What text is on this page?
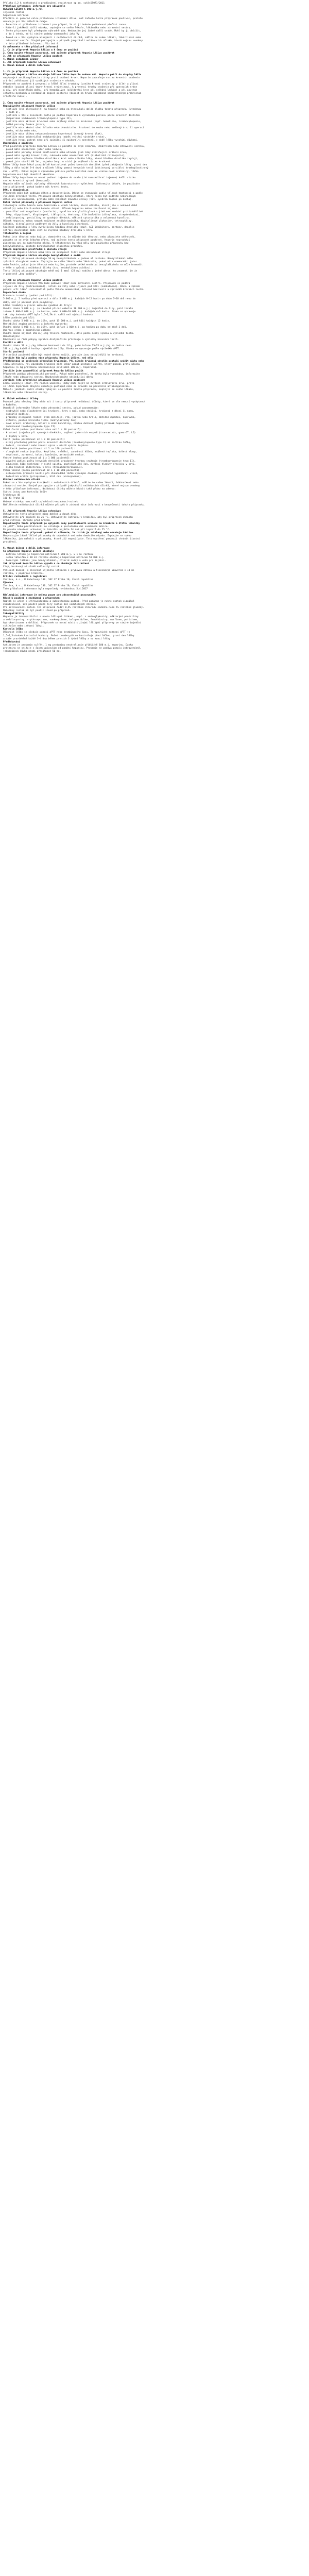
Příloha č.2 k rozhodnutí o prodloužení registrace sp.zn. sukls55071/2011
Příbalová informace: informace pro uživatele
HEPARIN LÉČIVA 5 000 m.j./ml
injekční roztok
heparinum natricum
Přečtěte si pozorně celou příbalovou informaci dříve, než začnete tento přípravek používat, protože
obsahuje pro Vás důležité údaje.
- Ponechte si příbalovou informaci pro případ, že si ji budete potřebovat přečíst znovu.
- Máte-li jakékoli další otázky, zeptejte se svého lékaře, lékárníka nebo zdravotní sestry.
- Tento přípravek byl předepsán výhradně Vám. Nedávejte jej žádné další osobě. Mohl by jí ublížit,
a to i tehdy, má-li stejné známky onemocnění jako Vy.
- Pokud se u Vás vyskytne kterýkoli z nežádoucích účinků, sdělte to svému lékaři, lékárníkovi nebo
zdravotní sestře. Stejně postupujte v případě jakýchkoli nežádoucích účinků, které nejsou uvedeny
v této příbalové informaci. Viz bod 4.
Co naleznete v této příbalové informaci
1. Co je přípravek Heparin Léčiva a k čemu se používá
2. Čemu musíte věnovat pozornost, než začnete přípravek Heparin Léčiva používat
3. Jak se přípravek Heparin Léčiva používá
4. Možné nežádoucí účinky
5. Jak přípravek Heparin Léčiva uchovávat
6. Obsah balení a další informace
1. Co je přípravek Heparin Léčiva a k čemu se používá
Přípravek Heparin Léčiva obsahuje léčivou látku heparin sodnou sůl. Heparin patří do skupiny léčiv
nazývaných antikoagulancia (látky proti srážení krve). Heparin zabraňuje vzniku krevních sraženin
a brání zvětšování již vzniklých sraženin v cévách.
Přípravek se používá k prevenci a léčbě žilní trombózy (vzniku krevní sraženiny v žíle) a plicní
embolie (ucpání plicní tepny krevní sraženinou), k prevenci tvorby sraženin při operacích srdce
a cév, při mimotělním oběhu, při hemodialýze (očišťování krve při selhání ledvin) a při akutním
infarktu myokardu a nestabilní angině pectoris (bolest na hrudi způsobená nedostatečným prokrvením
srdečního svalu).
2. Čemu musíte věnovat pozornost, než začnete přípravek Heparin Léčiva používat
Nepoužívejte přípravek Heparin Léčiva
- jestliže jste alergický(á) na heparin nebo na kteroukoli další složku tohoto přípravku (uvedenou
v bodě 6),
- jestliže u Vás v minulosti došlo po podání heparinu k výraznému poklesu počtu krevních destiček
(heparinem indukovaná trombocytopenie typu II),
- jestliže máte aktivní krvácení nebo zvýšený sklon ke krvácení (např. hemofilie, trombocytopenie,
těžké poruchy funkce jater),
- jestliže máte akutní vřed žaludku nebo dvanáctníku, krvácení do mozku nebo nedávný úraz či operaci
mozku, míchy nebo oka,
- jestliže máte těžkou nekontrolovanou hypertenzi (vysoký krevní tlak),
- jestliže máte bakteriální endokarditidu (zánět vnitřní výstelky srdce),
- jestliže hrozí potrat nebo při spinální či epidurální anestezii v době léčby vysokými dávkami.
Upozornění a opatření
Před použitím přípravku Heparin Léčiva se poraďte se svým lékařem, lékárníkem nebo zdravotní sestrou,
- pokud máte onemocnění jater nebo ledvin,
- pokud máte poruchy krevní srážlivosti nebo užíváte jiné léky ovlivňující srážení krve,
- pokud máte vysoký krevní tlak, cukrovku nebo onemocnění očí (diabetická retinopatie),
- pokud máte zvýšenou hladinu draslíku v krvi nebo užíváte léky, které hladinu draslíku zvyšují,
- pokud jste starší 60 let, zejména ženy, u nichž je zvýšené riziko krvácení.
Během léčby bude lékař pravidelně kontrolovat počet krevních destiček (před zahájením léčby, první den
léčby a dále každé 3–4 dny) a účinek léčby pomocí krevních testů (aktivovaný parciální tromboplastinový
čas – aPTT). Pokud dojde k výraznému poklesu počtu destiček nebo ke vzniku nové sraženiny, léčba
heparinem musí být okamžitě ukončena.
Během léčby heparinem se nesmí podávat injekce do svalu (intramuskulární injekce) kvůli riziku
vzniku krevních výronů (hematomů).
Heparin může ovlivnit výsledky některých laboratorních vyšetření. Informujte lékaře, že používáte
tento přípravek, pokud budete mít krevní testy.
Děti a dospívající
Přípravek může být podáván dětem a dospívajícím. Dávka se stanovuje podle tělesné hmotnosti a podle
výsledků krevních testů. Přípravek obsahuje benzylalkohol, který nesmí být podáván nedonošeným
dětem ani novorozencům, protože může způsobit závažné otravy (tzv. syndrom lapání po dechu).
Další léčivé přípravky a přípravek Heparin Léčiva
Informujte svého lékaře nebo lékárníka o všech lécích, které užíváte, které jste v nedávné době
užíval(a) nebo které možná budete užívat. Účinek heparinu mohou zesilovat zejména:
- perorální antikoagulancia (warfarin), kyselina acetylsalicylová a jiné nesteroidní protizánětlivé
léky, dipyridamol, klopidogrel, tiklopidin, dextrany, fibrinolytika (alteplasa, streptokináza),
- cefalosporiny, penicilíny ve vysokých dávkách, některá cytostatika a valproová kyselina.
Účinek heparinu mohou naopak snižovat antihistaminika, digitalisové glykosidy, tetracykliny,
nikotin, nitroglycerin podávaný do žíly a kyselina askorbová.
Současné podávání s léky zvyšujícími hladinu draslíku (např. ACE inhibitory, sartany, draslík
šetřící diuretika) může vést ke zvýšení hladiny draslíku v krvi.
Těhotenství a kojení
Pokud jste těhotná nebo kojíte, domníváte se, že můžete být těhotná, nebo plánujete otěhotnět,
poraďte se se svým lékařem dříve, než začnete tento přípravek používat. Heparin neprochází
placentou ani do mateřského mléka. V těhotenství by však měly být používány přípravky bez
benzylalkoholu, protože benzylalkohol placentou prochází.
Řízení dopravních prostředků a obsluha strojů
Přípravek Heparin Léčiva nemá vliv na schopnost řídit nebo obsluhovat stroje.
Přípravek Heparin Léčiva obsahuje benzylalkohol a sodík
Tento léčivý přípravek obsahuje 10 mg benzylalkoholu v jednom ml roztoku. Benzylalkohol může
způsobit alergické reakce. Zeptejte se svého lékaře nebo lékárníka, pokud máte onemocnění jater
nebo ledvin, pokud jste těhotná nebo kojíte, protože velké množství benzylalkoholu se může hromadit
v těle a způsobit nežádoucí účinky (tzv. metabolickou acidózu).
Tento léčivý přípravek obsahuje méně než 1 mmol (23 mg) sodíku v jedné dávce, to znamená, že je
v podstatě „bez sodíku“.
3. Jak se přípravek Heparin Léčiva používá
Přípravek Heparin Léčiva Vám bude podávat lékař nebo zdravotní sestra. Přípravek se podává
injekcí do žíly (intravenózně), infuzí do žíly nebo injekcí pod kůži (subkutánně). Dávku a způsob
podání určí lékař individuálně podle Vašeho onemocnění, tělesné hmotnosti a výsledků krevních testů.
Doporučená dávka
Prevence trombózy (podání pod kůži):
5 000 m.j. 2 hodiny před operací a dále 5 000 m.j. každých 8–12 hodin po dobu 7–10 dnů nebo do
doby, než je pacient plně pohyblivý.
Léčba trombózy a plicní embolie (podání do žíly):
Úvodní dávka 5 000 m.j. (u závažné plicní embolie 10 000 m.j.) injekčně do žíly, poté trvalá
infuze 1 000–2 000 m.j. za hodinu, nebo 5 000–10 000 m.j. každých 4–6 hodin. Dávka se upravuje
tak, aby hodnota aPTT byla 1,5–2,5krát vyšší než výchozí hodnota.
Léčba podáním pod kůži:
Úvodní dávka 5 000 m.j. do žíly, poté 15 000 m.j. pod kůži každých 12 hodin.
Nestabilní angina pectoris a infarkt myokardu:
Úvodní dávka 5 000 m.j. do žíly, poté infuze 1 000 m.j. za hodinu po dobu nejméně 2 dnů.
Operace srdce s mimotělním oběhem:
Úvodní dávka nejméně 150 m.j./kg tělesné hmotnosti, dále podle délky výkonu a výsledků testů.
Hemodialýza:
Dávkování se řídí pokyny výrobce dialyzačního přístroje a výsledky krevních testů.
Použití u dětí
Úvodní dávka 50 m.j./kg tělesné hmotnosti do žíly, poté infuze 15–25 m.j./kg za hodinu nebo
100 m.j./kg každé 4 hodiny injekčně do žíly. Dávka se upravuje podle výsledků aPTT.
Starší pacienti
U starších pacientů může být nutné dávku snížit, protože jsou náchylnější ke krvácení.
Jestliže Vám bylo podáno více přípravku Heparin Léčiva, než mělo
Předávkování se projevuje především krvácením. Při mírném krvácení obvykle postačí snížit dávku nebo
léčbu přerušit. Při závažném krvácení může lékař podat protamin sulfát, který působí proti účinku
heparinu (1 mg protaminu neutralizuje přibližně 100 m.j. heparinu).
Jestliže jste zapomněl(a) přípravek Heparin Léčiva použít
Přípravek podává zdravotnický personál. Pokud máte podezření, že dávka byla vynechána, informujte
lékaře nebo zdravotní sestru. Nezdvojnásobujte následující dávku.
Jestliže jste přestal(a) přípravek Heparin Léčiva používat
Léčbu ukončuje lékař. Při náhlém ukončení léčby může dojít ke zvýšené srážlivosti krve, proto
se léčba heparinem obvykle ukončuje postupně nebo se převádí na perorální antikoagulancia.
Máte-li jakékoli další otázky týkající se použití tohoto přípravku, zeptejte se svého lékaře,
lékárníka nebo zdravotní sestry.
4. Možné nežádoucí účinky
Podobně jako všechny léky může mít i tento přípravek nežádoucí účinky, které se ale nemusí vyskytnout
u každého.
Okamžitě informujte lékaře nebo zdravotní sestru, pokud zaznamenáte:
- neobvyklé nebo dlouhotrvající krvácení, krev v moči nebo stolici, krvácení z dásní či nosu,
rozsáhlé modřiny,
- příznaky alergické reakce: otok obličeje, rtů, jazyka nebo hrdla, obtížné dýchání, kopřivka,
svědění, pokles krevního tlaku (anafylaktický šok),
- nové krevní sraženiny, bolest a otok končetiny, náhlou dušnost (možný příznak heparinem
indukované trombocytopenie typu II).
Velmi časté (mohou postihnout více než 1 z 10 pacientů):
- krvácení (zejména při vysokých dávkách), zvýšení jaterních enzymů (transamináz, gama-GT, LD)
a lipázy v krvi.
Časté (mohou postihnout až 1 z 10 pacientů):
- mírný přechodný pokles počtu krevních destiček (trombocytopenie typu I) na začátku léčby,
- bolest, zarudnutí nebo krevní výron v místě vpichu injekce.
Méně časté (mohou postihnout až 1 ze 100 pacientů):
- alergické reakce (vyrážka, kopřivka, svědění, zarudnutí kůže), zvýšená teplota, bolest hlavy,
nevolnost, zvracení, bolest končetin, astmatické reakce.
Vzácné (mohou postihnout až 1 z 1 000 pacientů):
- závažný pokles počtu krevních destiček provázený tvorbou sraženin (trombocytopenie typu II),
- odumírání kůže (nekróza) v místě vpichu, anafylaktický šok, zvýšení hladiny draslíku v krvi,
- nízká hladina aldosteronu v krvi (hypoaldosteronismus).
Velmi vzácné (mohou postihnout až 1 z 10 000 pacientů):
- osteoporóza (řídnutí kostí) při dlouhodobé léčbě vysokými dávkami, přechodné vypadávání vlasů,
bolestivá erekce (priapismus), křeč cév (vazospasmus).
Hlášení nežádoucích účinků
Pokud se u Vás vyskytne kterýkoli z nežádoucích účinků, sdělte to svému lékaři, lékárníkovi nebo
zdravotní sestře. Stejně postupujte v případě jakýchkoli nežádoucích účinků, které nejsou uvedeny
v této příbalové informaci. Nežádoucí účinky můžete hlásit také přímo na adresu:
Státní ústav pro kontrolu léčiv
Šrobárova 48
100 41 Praha 10
Webové stránky: www.sukl.cz/nahlasit-nezadouci-ucinek
Nahlášením nežádoucích účinků můžete přispět k získání více informací o bezpečnosti tohoto přípravku.
5. Jak přípravek Heparin Léčiva uchovávat
Uchovávejte tento přípravek mimo dohled a dosah dětí.
Uchovávejte při teplotě do 25 °C. Uchovávejte lahvičku v krabičce, aby byl přípravek chráněn
před světlem. Chraňte před mrazem.
Nepoužívejte tento přípravek po uplynutí doby použitelnosti uvedené na krabičce a štítku lahvičky
za „EXP“. Doba použitelnosti se vztahuje k poslednímu dni uvedeného měsíce.
Po prvním otevření uchovávejte lahvičku nejdéle 14 dní při teplotě do 25 °C.
Nepoužívejte tento přípravek, pokud si všimnete, že roztok je zakalený nebo obsahuje částice.
Nevyhazujte žádné léčivé přípravky do odpadních vod nebo domácího odpadu. Zeptejte se svého
lékárníka, jak naložit s přípravky, které již nepoužíváte. Tato opatření pomáhají chránit životní
prostředí.
6. Obsah balení a další informace
Co přípravek Heparin Léčiva obsahuje
- Léčivou látkou je heparinum natricum 5 000 m.j. v 1 ml roztoku.
Jedna lahvička s 10 ml roztoku obsahuje heparinum natricum 50 000 m.j.
- Pomocnými látkami jsou benzylalkohol, chlorid sodný a voda pro injekci.
Jak přípravek Heparin Léčiva vypadá a co obsahuje toto balení
Čirý, bezbarvý až slabě nažloutlý roztok.
Velikost balení: 1 skleněná injekční lahvička s pryžovou zátkou a hliníkovým uzávěrem s 10 ml
roztoku, v papírové krabičce.
Držitel rozhodnutí o registraci
Zentiva, k.s., U Kabelovny 130, 102 37 Praha 10, Česká republika
Výrobce
Zentiva, k.s., U Kabelovny 130, 102 37 Praha 10, Česká republika
Tato příbalová informace byla naposledy revidována: 5.4.2017
Následující informace je určena pouze pro zdravotnické pracovníky:
Návod k použití a zacházení s přípravkem
Roztok je určen k intravenóznímu a subkutánnímu podání. Před podáním je nutné roztok vizuálně
zkontrolovat. Lze použít pouze čirý roztok bez viditelných částic.
Pro intravenózní infuzi lze přípravek ředit 0,9% roztokem chloridu sodného nebo 5% roztokem glukózy.
Naředěný roztok má být použit ihned po přípravě.
Inkompatibility
Heparin je inkompatibilní s mnoha léčivými látkami, např. s aminoglykosidy, některými penicilíny
a cefalosporiny, erythromycinem, vankomycinem, haloperidolem, fenothiaziny, morfinem, petidinem,
hydrokortisonem a dalšími. Přípravek se nesmí mísit s jinými léčivými přípravky ve stejné injekční
stříkačce nebo infuzní láhvi.
Kontrola léčby
Účinnost léčby se sleduje pomocí aPTT nebo trombinového času. Terapeutické rozmezí aPTT je
1,5–2,5násobek kontrolní hodnoty. Počet trombocytů se kontroluje před léčbou, první den léčby
a dále pravidelně každé 3–4 dny během prvních 3 týdnů léčby a na konci léčby.
Předávkování
Antidotem je protamin sulfát. 1 mg protaminu neutralizuje přibližně 100 m.j. heparinu. Dávka
protaminu se snižuje s časem uplynulým od podání heparinu. Protamin se podává pomalu intravenózně,
jednorázová dávka nesmí přesáhnout 50 mg.
